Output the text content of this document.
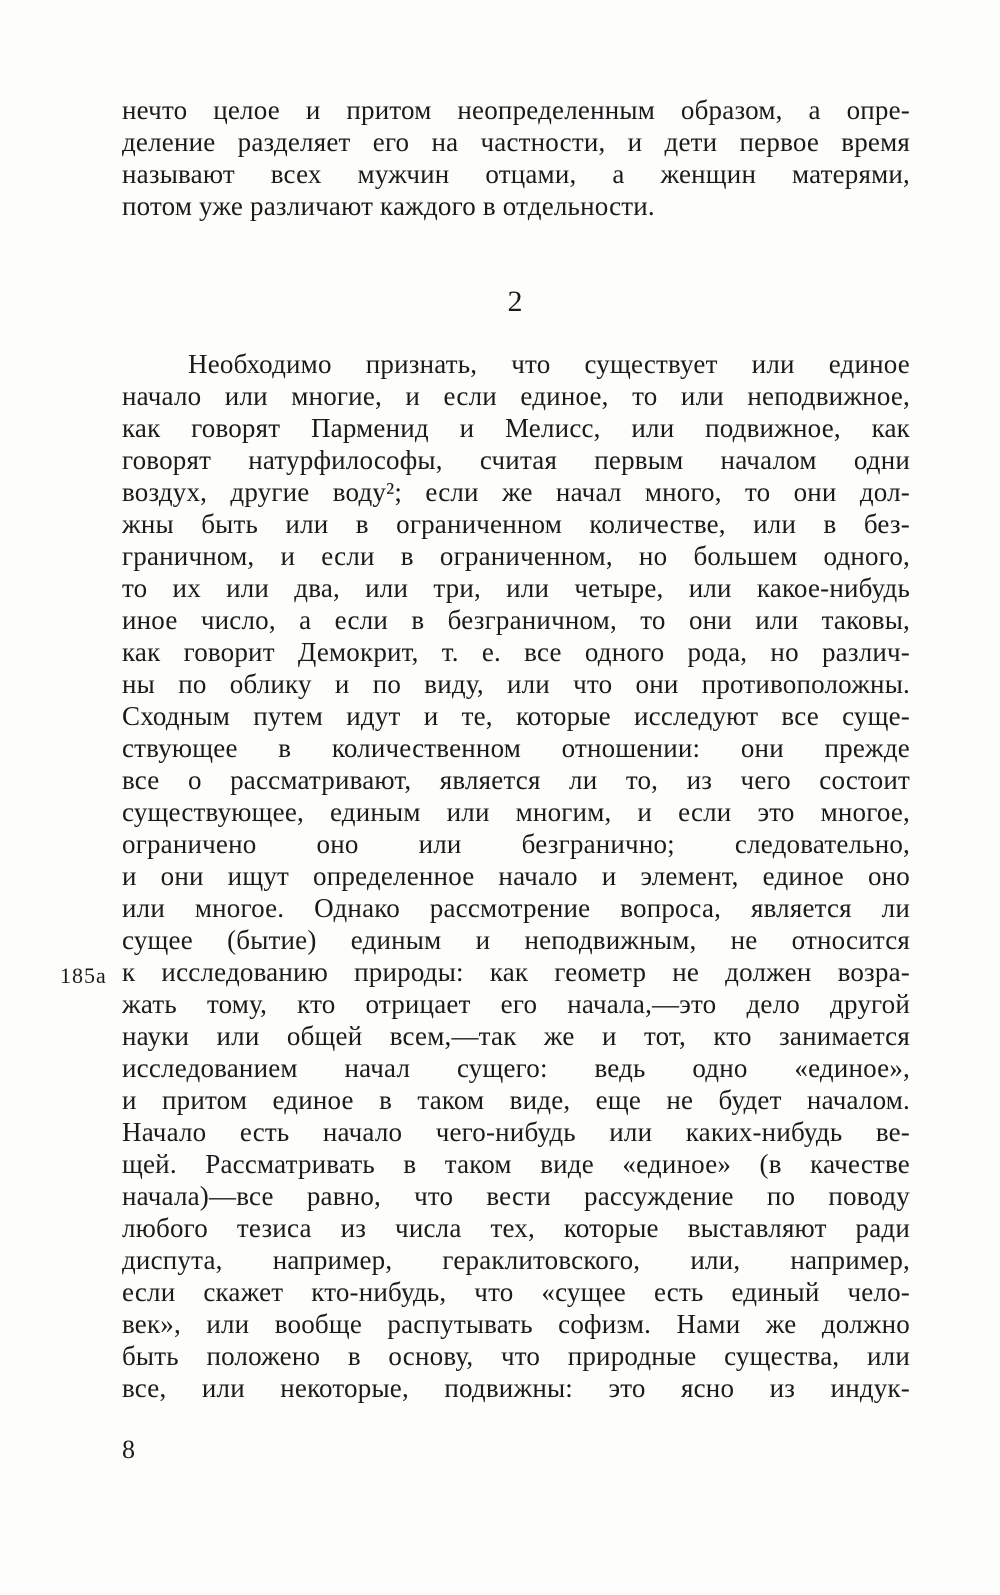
нечто целое и притом неопределенным образом, а опре-
деление разделяет его на частности, и дети первое время
называют всех мужчин отцами, а женщин матерями,
потом уже различают каждого в отдельности.
2
Необходимо признать, что существует или единое
начало или многие, и если единое, то или неподвижное,
как говорят Парменид и Мелисс, или подвижное, как
говорят натурфилософы, считая первым началом одни
воздух, другие воду²; если же начал много, то они дол-
жны быть или в ограниченном количестве, или в без-
граничном, и если в ограниченном, но большем одного,
то их или два, или три, или четыре, или какое-нибудь
иное число, а если в безграничном, то они или таковы,
как говорит Демокрит, т. е. все одного рода, но различ-
ны по облику и по виду, или что они противоположны.
Сходным путем идут и те, которые исследуют все суще-
ствующее в количественном отношении: они прежде
все о рассматривают, является ли то, из чего состоит
существующее, единым или многим, и если это многое,
ограничено оно или безгранично; следовательно,
и они ищут определенное начало и элемент, единое оно
или многое. Однако рассмотрение вопроса, является ли
сущее (бытие) единым и неподвижным, не относится
к исследованию природы: как геометр не должен возра-
жать тому, кто отрицает его начала,—это дело другой
науки или общей всем,—так же и тот, кто занимается
исследованием начал сущего: ведь одно «единое»,
и притом единое в таком виде, еще не будет началом.
Начало есть начало чего-нибудь или каких-нибудь ве-
щей. Рассматривать в таком виде «единое» (в качестве
начала)—все равно, что вести рассуждение по поводу
любого тезиса из числа тех, которые выставляют ради
диспута, например, гераклитовского, или, например,
если скажет кто-нибудь, что «сущее есть единый чело-
век», или вообще распутывать софизм. Нами же должно
быть положено в основу, что природные существа, или
все, или некоторые, подвижны: это ясно из индук-
185a
8
